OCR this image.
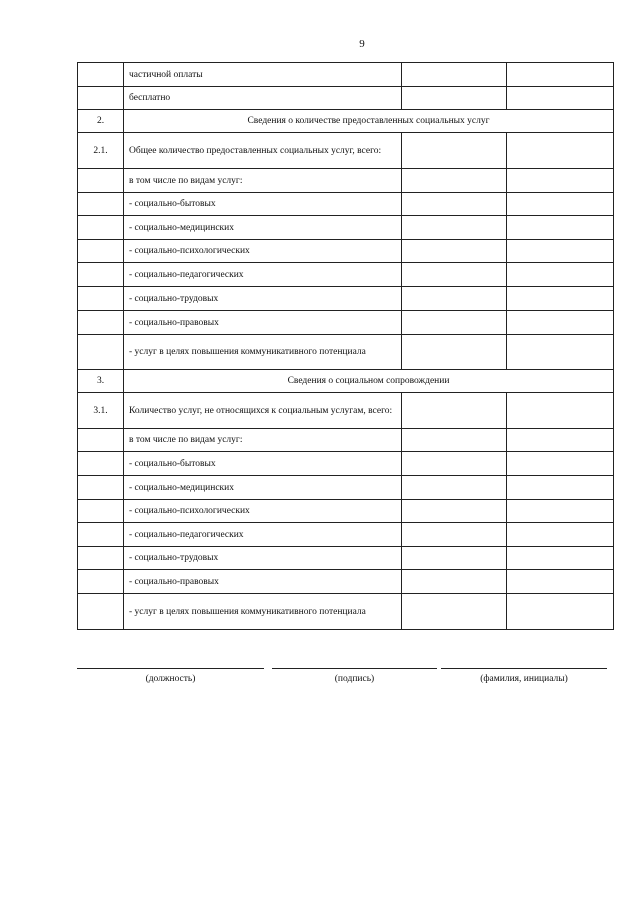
9
	частичной оплаты		
	бесплатно		
2.	Сведения о количестве предоставленных социальных услуг		
2.1.	Общее количество предоставленных социальных услуг, всего:		
	в том числе по видам услуг:		
	- социально-бытовых		
	- социально-медицинских		
	- социально-психологических		
	- социально-педагогических		
	- социально-трудовых		
	- социально-правовых		
	- услуг в целях повышения коммуникативного потенциала		
3.	Сведения о социальном сопровождении		
3.1.	Количество услуг, не относящихся к социальным услугам, всего:		
	в том числе по видам услуг:		
	- социально-бытовых		
	- социально-медицинских		
	- социально-психологических		
	- социально-педагогических		
	- социально-трудовых		
	- социально-правовых		
	- услуг в целях повышения коммуникативного потенциала		
(должность)	(подпись)	(фамилия, инициалы)
